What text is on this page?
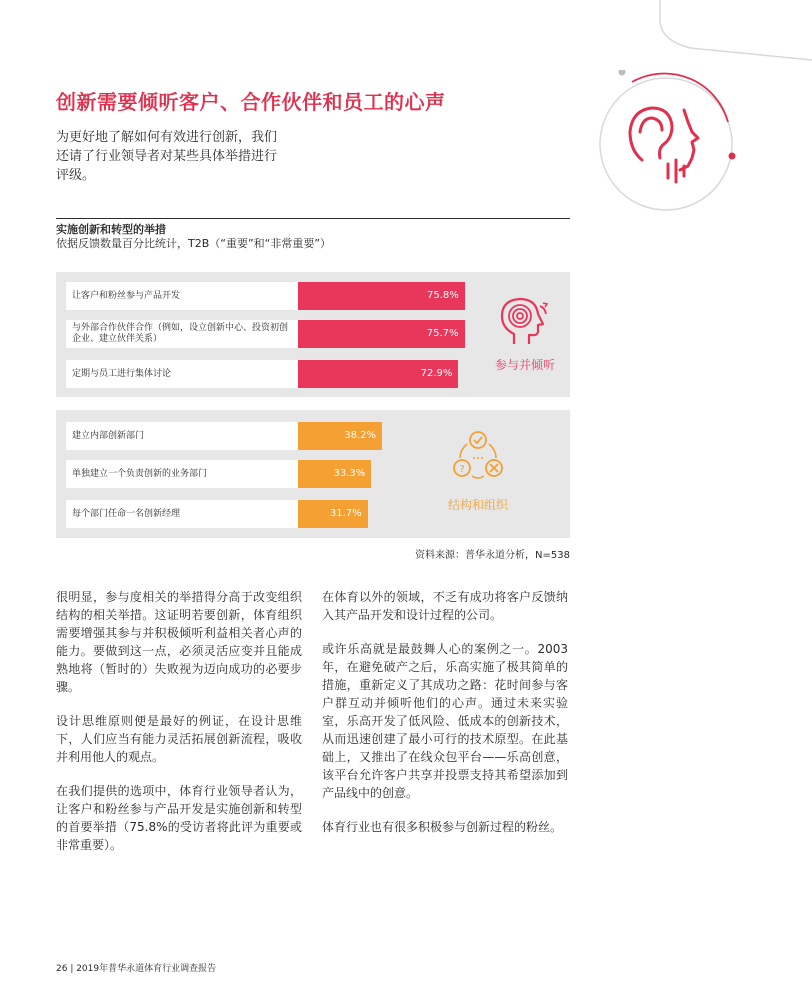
创新需要倾听客户、合作伙伴和员工的心声

为更好地了解如何有效进行创新，我们还请了行业领导者对某些具体举措进行评级。

实施创新和转型的举措
依据反馈数量百分比统计，T2B（“重要”和“非常重要”）
让客户和粉丝参与产品开发	75.8%
与外部合作伙伴合作（例如，设立创新中心、投资初创企业、建立伙伴关系）	75.7%
定期与员工进行集体讨论	72.9%
参与并倾听
建立内部创新部门	38.2%
单独建立一个负责创新的业务部门	33.3%
每个部门任命一名创新经理	31.7%
?
结构和组织
资料来源：普华永道分析，N=538

很明显，参与度相关的举措得分高于改变组织结构的相关举措。这证明若要创新，体育组织需要增强其参与并积极倾听利益相关者心声的能力。要做到这一点，必须灵活应变并且能成熟地将（暂时的）失败视为迈向成功的必要步骤。

设计思维原则便是最好的例证，在设计思维下，人们应当有能力灵活拓展创新流程，吸收并利用他人的观点。

在我们提供的选项中，体育行业领导者认为，让客户和粉丝参与产品开发是实施创新和转型的首要举措（75.8%的受访者将此评为重要或非常重要）。

在体育以外的领域，不乏有成功将客户反馈纳入其产品开发和设计过程的公司。

或许乐高就是最鼓舞人心的案例之一。2003年，在避免破产之后，乐高实施了极其简单的措施，重新定义了其成功之路：花时间参与客户群互动并倾听他们的心声。通过未来实验室，乐高开发了低风险、低成本的创新技术，从而迅速创建了最小可行的技术原型。在此基础上，又推出了在线众包平台——乐高创意，该平台允许客户共享并投票支持其希望添加到产品线中的创意。

体育行业也有很多积极参与创新过程的粉丝。

26 | 2019年普华永道体育行业调查报告
